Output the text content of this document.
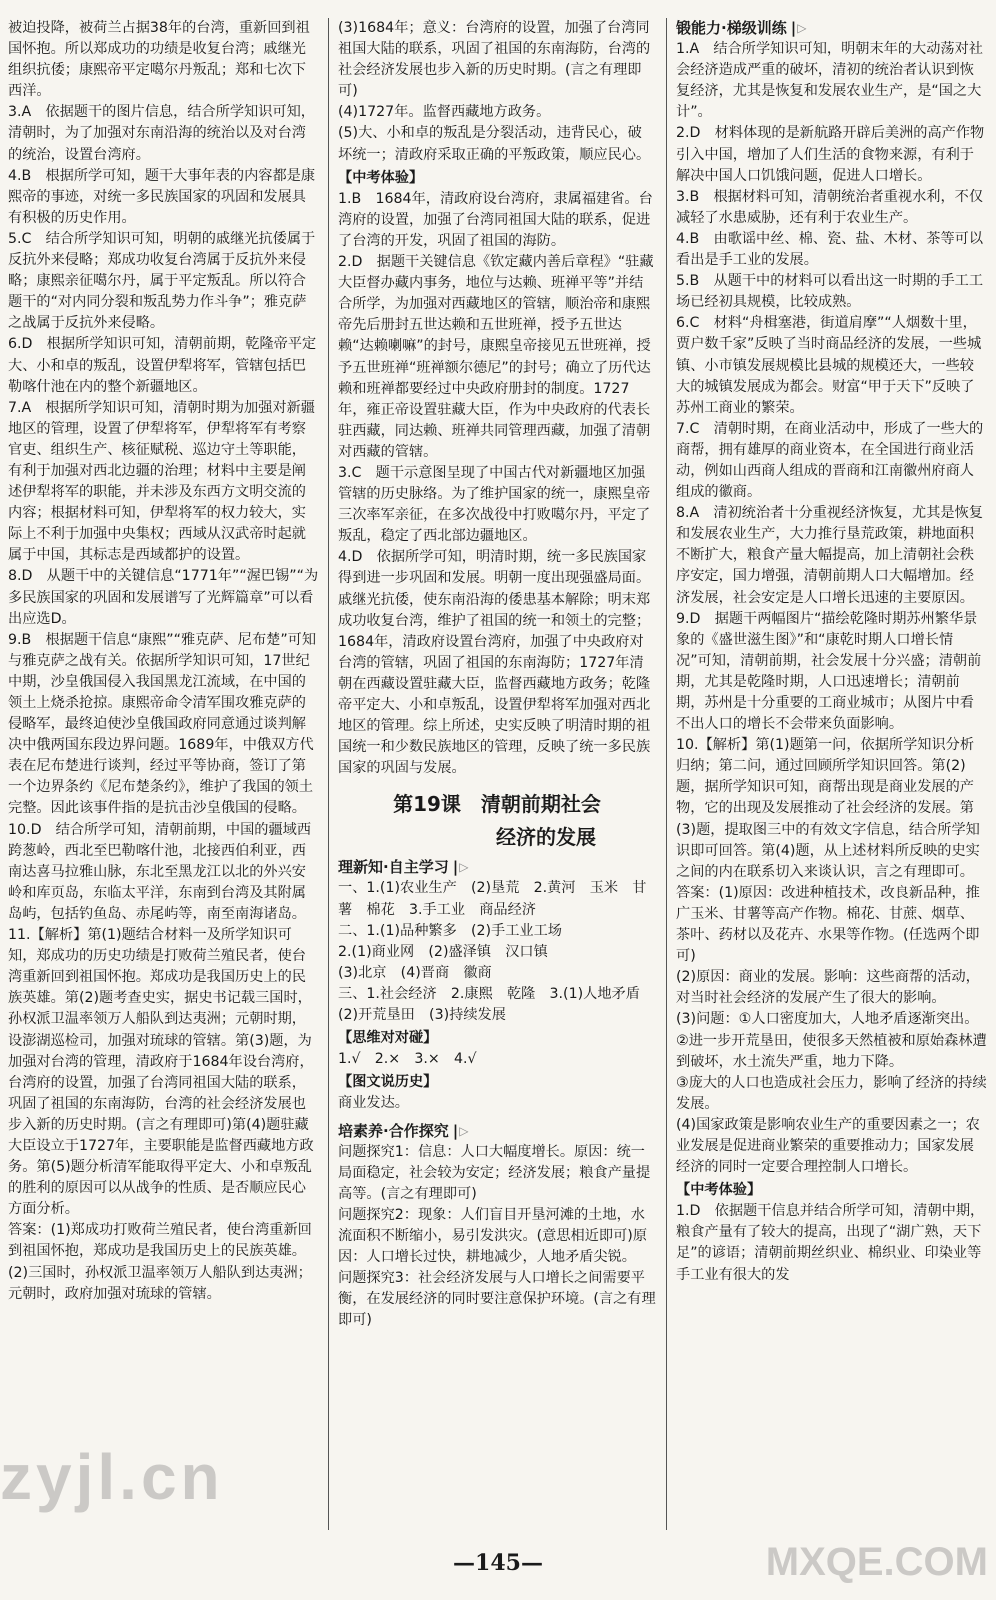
被迫投降，被荷兰占据38年的台湾，重新回到祖国怀抱。所以郑成功的功绩是收复台湾；戚继光组织抗倭；康熙帝平定噶尔丹叛乱；郑和七次下西洋。

3.A　依据题干的图片信息，结合所学知识可知，清朝时，为了加强对东南沿海的统治以及对台湾的统治，设置台湾府。

4.B　根据所学可知，题干大事年表的内容都是康熙帝的事迹，对统一多民族国家的巩固和发展具有积极的历史作用。

5.C　结合所学知识可知，明朝的戚继光抗倭属于反抗外来侵略；郑成功收复台湾属于反抗外来侵略；康熙亲征噶尔丹，属于平定叛乱。所以符合题干的“对内同分裂和叛乱势力作斗争”；雅克萨之战属于反抗外来侵略。

6.D　根据所学知识可知，清朝前期，乾隆帝平定大、小和卓的叛乱，设置伊犁将军，管辖包括巴勒喀什池在内的整个新疆地区。

7.A　根据所学知识可知，清朝时期为加强对新疆地区的管理，设置了伊犁将军，伊犁将军有考察官吏、组织生产、核征赋税、巡边守土等职能，有利于加强对西北边疆的治理；材料中主要是阐述伊犁将军的职能，并未涉及东西方文明交流的内容；根据材料可知，伊犁将军的权力较大，实际上不利于加强中央集权；西域从汉武帝时起就属于中国，其标志是西域都护的设置。

8.D　从题干中的关键信息“1771年”“渥巴锡”“为多民族国家的巩固和发展谱写了光辉篇章”可以看出应选D。

9.B　根据题干信息“康熙”“雅克萨、尼布楚”可知与雅克萨之战有关。依据所学知识可知，17世纪中期，沙皇俄国侵入我国黑龙江流域，在中国的领土上烧杀抢掠。康熙帝命令清军围攻雅克萨的侵略军，最终迫使沙皇俄国政府同意通过谈判解决中俄两国东段边界问题。1689年，中俄双方代表在尼布楚进行谈判，经过平等协商，签订了第一个边界条约《尼布楚条约》，维护了我国的领土完整。因此该事件指的是抗击沙皇俄国的侵略。

10.D　结合所学可知，清朝前期，中国的疆域西跨葱岭，西北至巴勒喀什池，北接西伯利亚，西南达喜马拉雅山脉，东北至黑龙江以北的外兴安岭和库页岛，东临太平洋，东南到台湾及其附属岛屿，包括钓鱼岛、赤尾屿等，南至南海诸岛。

11.【解析】第(1)题结合材料一及所学知识可知，郑成功的历史功绩是打败荷兰殖民者，使台湾重新回到祖国怀抱。郑成功是我国历史上的民族英雄。第(2)题考查史实，据史书记载三国时，孙权派卫温率领万人船队到达夷洲；元朝时期，设澎湖巡检司，加强对琉球的管辖。第(3)题，为加强对台湾的管理，清政府于1684年设台湾府，台湾府的设置，加强了台湾同祖国大陆的联系，巩固了祖国的东南海防，台湾的社会经济发展也步入新的历史时期。(言之有理即可)第(4)题驻藏大臣设立于1727年，主要职能是监督西藏地方政务。第(5)题分析清军能取得平定大、小和卓叛乱的胜利的原因可以从战争的性质、是否顺应民心方面分析。

答案：(1)郑成功打败荷兰殖民者，使台湾重新回到祖国怀抱，郑成功是我国历史上的民族英雄。

(2)三国时，孙权派卫温率领万人船队到达夷洲；元朝时，政府加强对琉球的管辖。

(3)1684年；意义：台湾府的设置，加强了台湾同祖国大陆的联系，巩固了祖国的东南海防，台湾的社会经济发展也步入新的历史时期。(言之有理即可)

(4)1727年。监督西藏地方政务。

(5)大、小和卓的叛乱是分裂活动，违背民心，破坏统一；清政府采取正确的平叛政策，顺应民心。

【中考体验】

1.B　1684年，清政府设台湾府，隶属福建省。台湾府的设置，加强了台湾同祖国大陆的联系，促进了台湾的开发，巩固了祖国的海防。

2.D　据题干关键信息《钦定藏内善后章程》“驻藏大臣督办藏内事务，地位与达赖、班禅平等”并结合所学，为加强对西藏地区的管辖，顺治帝和康熙帝先后册封五世达赖和五世班禅，授予五世达赖“达赖喇嘛”的封号，康熙皇帝接见五世班禅，授予五世班禅“班禅额尔德尼”的封号；确立了历代达赖和班禅都要经过中央政府册封的制度。1727年，雍正帝设置驻藏大臣，作为中央政府的代表长驻西藏，同达赖、班禅共同管理西藏，加强了清朝对西藏的管辖。

3.C　题干示意图呈现了中国古代对新疆地区加强管辖的历史脉络。为了维护国家的统一，康熙皇帝三次率军亲征，在多次战役中打败噶尔丹，平定了叛乱，稳定了西北部边疆地区。

4.D　依据所学可知，明清时期，统一多民族国家得到进一步巩固和发展。明朝一度出现强盛局面。戚继光抗倭，使东南沿海的倭患基本解除；明末郑成功收复台湾，维护了祖国的统一和领土的完整；1684年，清政府设置台湾府，加强了中央政府对台湾的管辖，巩固了祖国的东南海防；1727年清朝在西藏设置驻藏大臣，监督西藏地方政务；乾隆帝平定大、小和卓叛乱，设置伊犁将军加强对西北地区的管理。综上所述，史实反映了明清时期的祖国统一和少数民族地区的管理，反映了统一多民族国家的巩固与发展。

第19课　清朝前期社会
经济的发展
理新知·自主学习 | ▷

一、1.(1)农业生产　(2)垦荒　2.黄河　玉米　甘薯　棉花　3.手工业　商品经济

二、1.(1)品种繁多　(2)手工业工场

2.(1)商业网　(2)盛泽镇　汉口镇

(3)北京　(4)晋商　徽商

三、1.社会经济　2.康熙　乾隆　3.(1)人地矛盾　(2)开荒垦田　(3)持续发展

【思维对对碰】

1.√　2.×　3.×　4.√

【图文说历史】

商业发达。

培素养·合作探究 | ▷

问题探究1：信息：人口大幅度增长。原因：统一局面稳定，社会较为安定；经济发展；粮食产量提高等。(言之有理即可)

问题探究2：现象：人们盲目开垦河滩的土地，水流面积不断缩小，易引发洪灾。(意思相近即可)原因：人口增长过快，耕地减少，人地矛盾尖锐。

问题探究3：社会经济发展与人口增长之间需要平衡，在发展经济的同时要注意保护环境。(言之有理即可)

锻能力·梯级训练 | ▷

1.A　结合所学知识可知，明朝末年的大动荡对社会经济造成严重的破坏，清初的统治者认识到恢复经济，尤其是恢复和发展农业生产，是“国之大计”。

2.D　材料体现的是新航路开辟后美洲的高产作物引入中国，增加了人们生活的食物来源，有利于解决中国人口饥饿问题，促进人口增长。

3.B　根据材料可知，清朝统治者重视水利，不仅减轻了水患威胁，还有利于农业生产。

4.B　由歌谣中丝、棉、瓷、盐、木材、茶等可以看出是手工业的发展。

5.B　从题干中的材料可以看出这一时期的手工工场已经初具规模，比较成熟。

6.C　材料“舟楫塞港，街道肩摩”“人烟数十里，贾户数千家”反映了当时商品经济的发展，一些城镇、小市镇发展规模比县城的规模还大，一些较大的城镇发展成为都会。财富“甲于天下”反映了苏州工商业的繁荣。

7.C　清朝时期，在商业活动中，形成了一些大的商帮，拥有雄厚的商业资本，在全国进行商业活动，例如山西商人组成的晋商和江南徽州府商人组成的徽商。

8.A　清初统治者十分重视经济恢复，尤其是恢复和发展农业生产，大力推行垦荒政策，耕地面积不断扩大，粮食产量大幅提高，加上清朝社会秩序安定，国力增强，清朝前期人口大幅增加。经济发展，社会安定是人口增长迅速的主要原因。

9.D　据题干两幅图片“描绘乾隆时期苏州繁华景象的《盛世滋生图》”和“康乾时期人口增长情况”可知，清朝前期，社会发展十分兴盛；清朝前期，尤其是乾隆时期，人口迅速增长；清朝前期，苏州是十分重要的工商业城市；从图片中看不出人口的增长不会带来负面影响。

10.【解析】第(1)题第一问，依据所学知识分析归纳；第二问，通过回顾所学知识回答。第(2)题，据所学知识可知，商帮出现是商业发展的产物，它的出现及发展推动了社会经济的发展。第(3)题，提取图三中的有效文字信息，结合所学知识即可回答。第(4)题，从上述材料所反映的史实之间的内在联系切入来谈认识，言之有理即可。

答案：(1)原因：改进种植技术，改良新品种，推广玉米、甘薯等高产作物。棉花、甘蔗、烟草、茶叶、药材以及花卉、水果等作物。(任选两个即可)

(2)原因：商业的发展。影响：这些商帮的活动，对当时社会经济的发展产生了很大的影响。

(3)问题：①人口密度加大，人地矛盾逐渐突出。

②进一步开荒垦田，使很多天然植被和原始森林遭到破坏，水土流失严重，地力下降。

③庞大的人口也造成社会压力，影响了经济的持续发展。

(4)国家政策是影响农业生产的重要因素之一；农业发展是促进商业繁荣的重要推动力；国家发展经济的同时一定要合理控制人口增长。

【中考体验】

1.D　依据题干信息并结合所学可知，清朝中期，粮食产量有了较大的提高，出现了“湖广熟，天下足”的谚语；清朝前期丝织业、棉织业、印染业等手工业有很大的发

—145—
zyjl.cn
MXQE.COM
